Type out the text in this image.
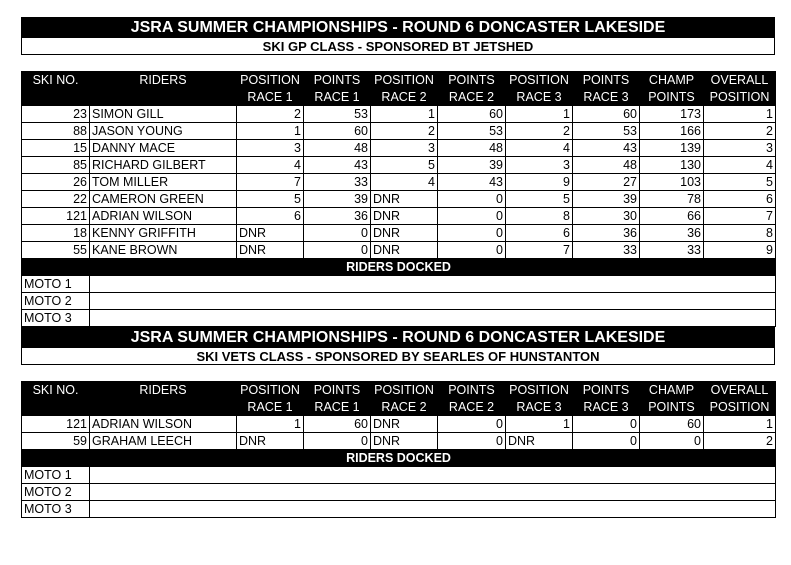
JSRA SUMMER CHAMPIONSHIPS - ROUND 6 DONCASTER LAKESIDE
SKI GP CLASS - SPONSORED BT JETSHED
SKI NO.	RIDERS	POSITION	POINTS	POSITION	POINTS	POSITION	POINTS	CHAMP	OVERALL
		RACE 1	RACE 1	RACE 2	RACE 2	RACE 3	RACE 3	POINTS	POSITION
23	SIMON GILL	2	53	1	60	1	60	173	1
88	JASON YOUNG	1	60	2	53	2	53	166	2
15	DANNY MACE	3	48	3	48	4	43	139	3
85	RICHARD GILBERT	4	43	5	39	3	48	130	4
26	TOM MILLER	7	33	4	43	9	27	103	5
22	CAMERON GREEN	5	39	DNR	0	5	39	78	6
121	ADRIAN WILSON	6	36	DNR	0	8	30	66	7
18	KENNY GRIFFITH	DNR	0	DNR	0	6	36	36	8
55	KANE BROWN	DNR	0	DNR	0	7	33	33	9
RIDERS DOCKED									
MOTO 1									
MOTO 2									
MOTO 3									
JSRA SUMMER CHAMPIONSHIPS - ROUND 6 DONCASTER LAKESIDE
SKI VETS CLASS - SPONSORED BY SEARLES OF HUNSTANTON
SKI NO.	RIDERS	POSITION	POINTS	POSITION	POINTS	POSITION	POINTS	CHAMP	OVERALL
		RACE 1	RACE 1	RACE 2	RACE 2	RACE 3	RACE 3	POINTS	POSITION
121	ADRIAN WILSON	1	60	DNR	0	1	0	60	1
59	GRAHAM LEECH	DNR	0	DNR	0	DNR	0	0	2
RIDERS DOCKED									
MOTO 1									
MOTO 2									
MOTO 3									
